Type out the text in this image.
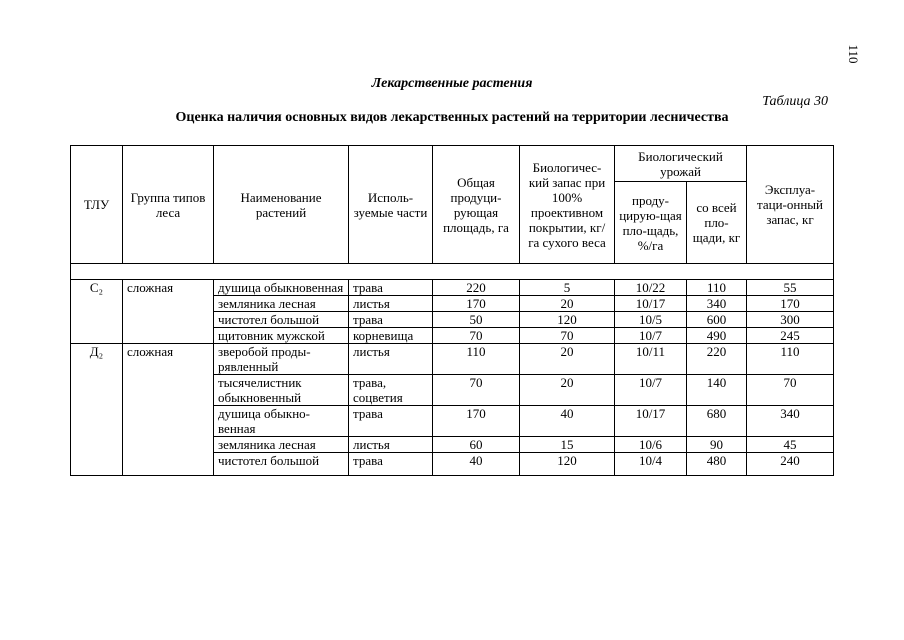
110
Лекарственные растения
Таблица 30
Оценка наличия основных видов лекарственных растений на территории лесничества
ТЛУ	Группа типов леса	Наименование растений	Исполь-зуемые части	Общая продуци-рующая площадь, га	Биологичес-кий запас при 100% проективном покрытии, кг/га сухого веса	Биологический урожай		Эксплуа-таци-онный запас, кг
						проду-цирую-щая пло-щадь, %/га	со всей пло-щади, кг	

С₂	сложная	душица обыкновенная	трава	220	5	10/22	110	55
		земляника лесная	листья	170	20	10/17	340	170
		чистотел большой	трава	50	120	10/5	600	300
		щитовник мужской	корневища	70	70	10/7	490	245
Д₂	сложная	зверобой проды-рявленный	листья	110	20	10/11	220	110
		тысячелистник обыкновенный	трава, соцветия	70	20	10/7	140	70
		душица обыкно-венная	трава	170	40	10/17	680	340
		земляника лесная	листья	60	15	10/6	90	45
		чистотел большой	трава	40	120	10/4	480	240
